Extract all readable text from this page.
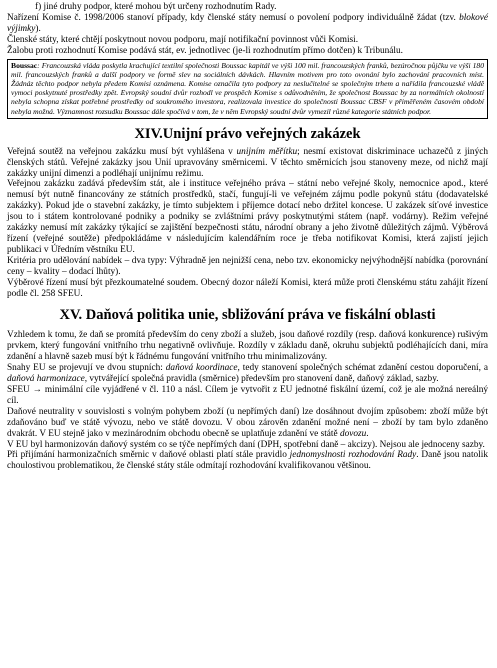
f) jiné druhy podpor, které mohou být určeny rozhodnutím Rady.

Nařízení Komise č. 1998/2006 stanoví případy, kdy členské státy nemusí o povolení podpory individuálně žádat (tzv. blokové výjimky).

Členské státy, které chtějí poskytnout novou podporu, mají notifikační povinnost vůči Komisi.

Žalobu proti rozhodnutí Komise podává stát, ev. jednotlivec (je-li rozhodnutím přímo dotčen) k Tribunálu.

Boussac: Francouzská vláda poskytla krachující textilní společnosti Boussac kapitál ve výši 100 mil. francouzských franků, bezúročnou půjčku ve výši 180 mil. francouzských franků a další podpory ve formě slev na sociálních dávkách. Hlavním motivem pro toto ovonání bylo zachování pracovních míst. Žádnáz těchto podpor nebyla předem Komisi oznámena. Komise označila tyto podpory za neslučitelné se společným trhem a nařídila francouzské vládě vymoci poskytnuté prostředky zpět. Evropský soudní dvůr rozhodl ve prospěch Komise s odůvodněním, že společnost Boussac by za normálních okolností nebyla schopna získat potřebné prostředky od soukromého investora, realizovala investice do společnosti Boussac CBSF v přiměřeném časovém období nebyla možná. Významnost rozsudku Boussac dále spočívá v tom, že v něm Evropský soudní dvůr vymezil různé kategorie státních podpor.
XIV.Unijní právo veřejných zakázek

Veřejná soutěž na veřejnou zakázku musí být vyhlášena v unijním měřítku; nesmí existovat diskriminace uchazečů z jiných členských států. Veřejné zakázky jsou Unií upravovány směrnicemi. V těchto směrnicích jsou stanoveny meze, od nichž mají zakázky unijní dimenzi a podléhají unijnímu režimu.

Veřejnou zakázku zadává především stát, ale i instituce veřejného práva – státní nebo veřejné školy, nemocnice apod., které nemusí být nutně financovány ze státních prostředků, stačí, fungují-li ve veřejném zájmu podle pokynů státu (dodavatelské zakázky). Pokud jde o stavební zakázky, je tímto subjektem i příjemce dotací nebo držitel koncese. U zakázek síťové investice jsou to i státem kontrolované podniky a podniky se zvláštními právy poskytnutými státem (např. vodárny). Režim veřejné zakázky nemusí mít zakázky týkající se zajištění bezpečnosti státu, národní obrany a jeho životně důležitých zájmů. Výběrová řízení (veřejné soutěže) předpokládáme v následujícím kalendářním roce je třeba notifikovat Komisi, která zajistí jejich publikaci v Úředním věstníku EU.

Kritéria pro udělování nabídek – dva typy: Výhradně jen nejnižší cena, nebo tzv. ekonomicky nejvýhodnější nabídka (porovnání ceny – kvality – dodací lhůty).

Výběrové řízení musí být přezkoumatelné soudem. Obecný dozor náleží Komisi, která může proti členskému státu zahájit řízení podle čl. 258 SFEU.

XV. Daňová politika unie, sbližování práva ve fiskální oblasti

Vzhledem k tomu, že daň se promítá především do ceny zboží a služeb, jsou daňové rozdíly (resp. daňová konkurence) rušivým prvkem, který fungování vnitřního trhu negativně ovlivňuje. Rozdíly v základu daně, okruhu subjektů podléhajících dani, míra zdanění a hlavně sazeb musí být k řádnému fungování vnitřního trhu minimalizovány.

Snahy EU se projevují ve dvou stupních: daňová koordinace, tedy stanovení společných schémat zdanění cestou doporučení, a daňová harmonizace, vytvářející společná pravidla (směrnice) především pro stanovení daně, daňový základ, sazby.

SFEU → minimální cíle vyjádřené v čl. 110 a násl. Cílem je vytvořit z EU jednotné fiskální území, což je ale možná nereálný cíl.

Daňové neutrality v souvislosti s volným pohybem zboží (u nepřímých daní) lze dosáhnout dvojím způsobem: zboží může být zdaňováno buď ve státě vývozu, nebo ve státě dovozu. V obou zárověn zdanění možné není – zboží by tam bylo zdaněno dvakrát. V EU stejně jako v mezinárodním obchodu obecně se uplatňuje zdanění ve státě dovozu.

V EU byl harmonizován daňový systém co se týče nepřímých daní (DPH, spotřební daně – akcizy). Nejsou ale jednoceny sazby.

Při přijímání harmonizačních směrnic v daňové oblasti platí stále pravidlo jednomyslnosti rozhodování Rady. Daně jsou natolik choulostivou problematikou, že členské státy stále odmítají rozhodování kvalifikovanou většinou.
